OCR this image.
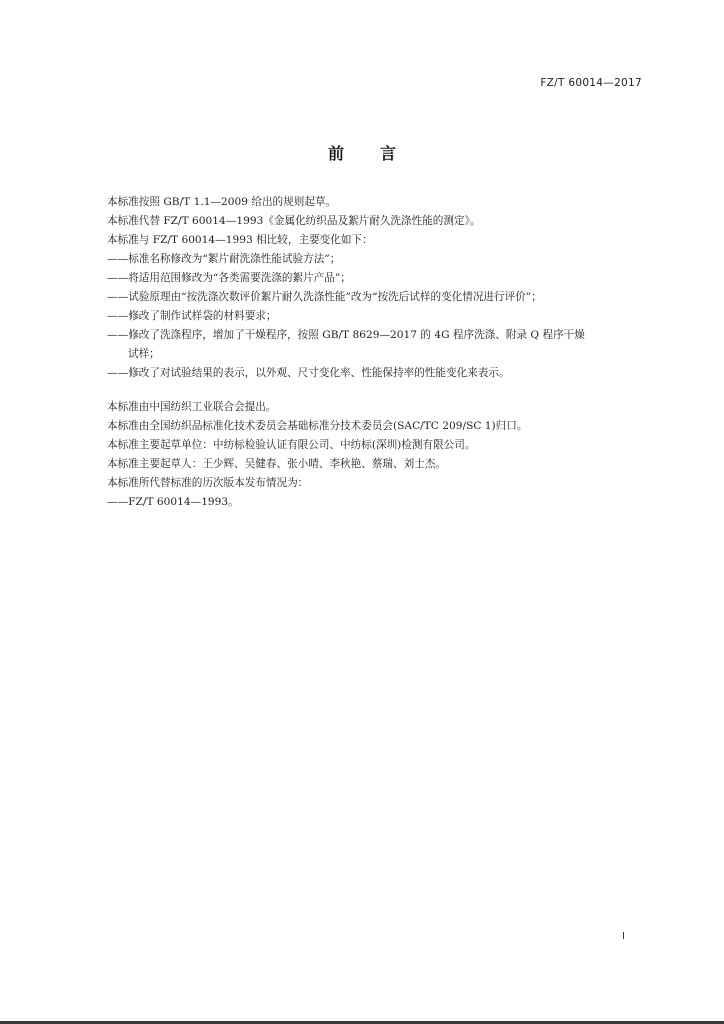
FZ/T 60014—2017
前言
本标准按照 GB/T 1.1—2009 给出的规则起草。
本标准代替 FZ/T 60014—1993《金属化纺织品及絮片耐久洗涤性能的测定》。
本标准与 FZ/T 60014—1993 相比较，主要变化如下：
——标准名称修改为“絮片耐洗涤性能试验方法”；
——将适用范围修改为“各类需要洗涤的絮片产品”；
——试验原理由“按洗涤次数评价絮片耐久洗涤性能”改为“按洗后试样的变化情况进行评价”；
——修改了制作试样袋的材料要求；
——修改了洗涤程序，增加了干燥程序，按照 GB/T 8629—2017 的 4G 程序洗涤、附录 Q 程序干燥
试样；
——修改了对试验结果的表示，以外观、尺寸变化率、性能保持率的性能变化来表示。
本标准由中国纺织工业联合会提出。
本标准由全国纺织品标准化技术委员会基础标准分技术委员会(SAC/TC 209/SC 1)归口。
本标准主要起草单位：中纺标检验认证有限公司、中纺标(深圳)检测有限公司。
本标准主要起草人：王少辉、吴健春、张小晴、李秋艳、蔡瑞、刘士杰。
本标准所代替标准的历次版本发布情况为：
——FZ/T 60014—1993。
I
